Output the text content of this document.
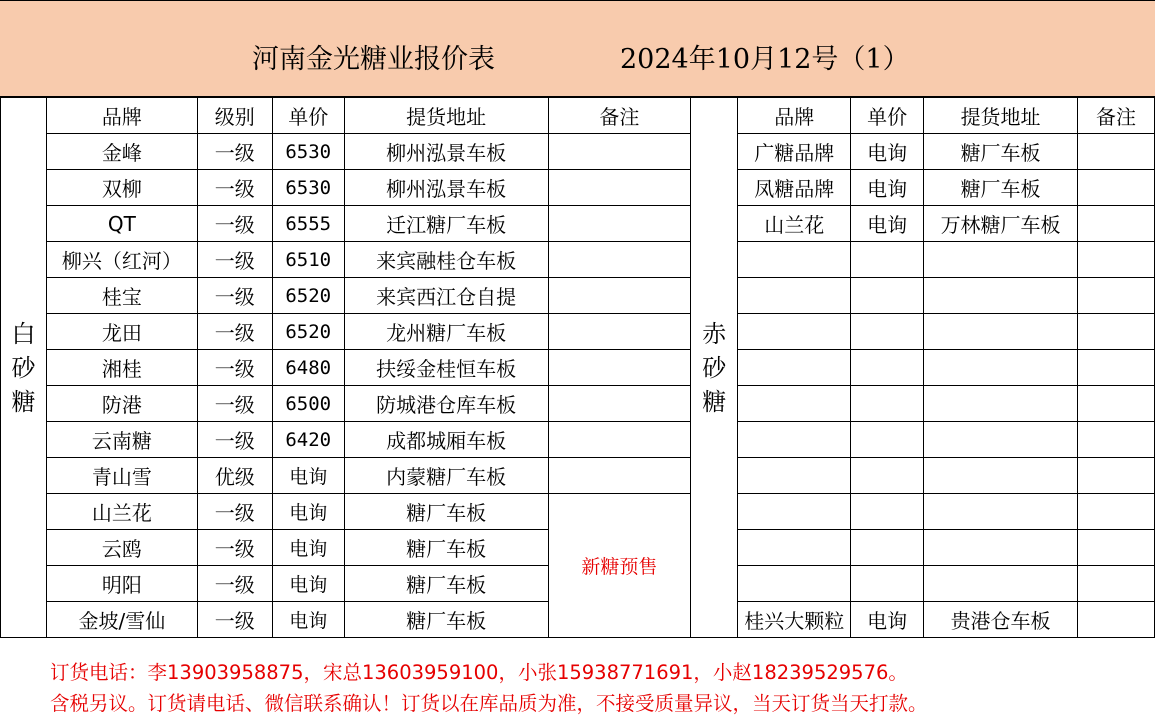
河南金光糖业报价表	2024年10月12号（1）
白
砂
糖	品牌	级别	单价	提货地址	备注	赤
砂
糖	品牌	单价	提货地址	备注
	金峰	一级	6530	柳州泓景车板			广糖品牌	电询	糖厂车板	
	双柳	一级	6530	柳州泓景车板			凤糖品牌	电询	糖厂车板	
	QT	一级	6555	迁江糖厂车板			山兰花	电询	万林糖厂车板	
	柳兴（红河）	一级	6510	来宾融桂仓车板						
	桂宝	一级	6520	来宾西江仓自提						
	龙田	一级	6520	龙州糖厂车板						
	湘桂	一级	6480	扶绥金桂恒车板						
	防港	一级	6500	防城港仓库车板						
	云南糖	一级	6420	成都城厢车板						
	青山雪	优级	电询	内蒙糖厂车板						
	山兰花	一级	电询	糖厂车板	新糖预售					
	云鸥	一级	电询	糖厂车板						
	明阳	一级	电询	糖厂车板						
	金坡/雪仙	一级	电询	糖厂车板			桂兴大颗粒	电询	贵港仓车板	
订货电话：李13903958875，宋总13603959100，小张15938771691，小赵18239529576。
含税另议。订货请电话、微信联系确认！订货以在库品质为准，不接受质量异议，当天订货当天打款。
